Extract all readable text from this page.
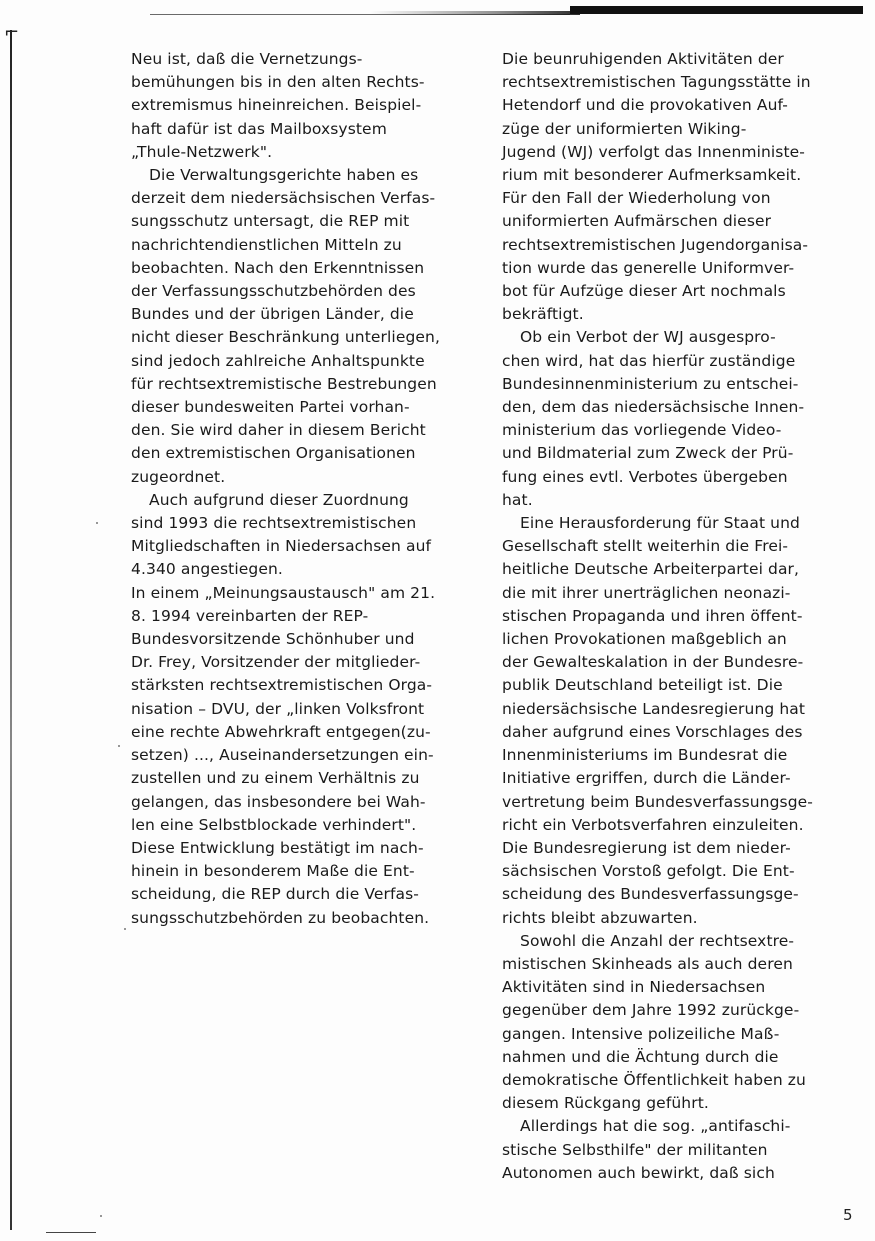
⌐
Neu ist, daß die Vernetzungs-
bemühungen bis in den alten Rechts-
extremismus hineinreichen. Beispiel-
haft dafür ist das Mailboxsystem
„Thule-Netzwerk".
Die Verwaltungsgerichte haben es
derzeit dem niedersächsischen Verfas-
sungsschutz untersagt, die REP mit
nachrichtendienstlichen Mitteln zu
beobachten. Nach den Erkenntnissen
der Verfassungsschutzbehörden des
Bundes und der übrigen Länder, die
nicht dieser Beschränkung unterliegen,
sind jedoch zahlreiche Anhaltspunkte
für rechtsextremistische Bestrebungen
dieser bundesweiten Partei vorhan-
den. Sie wird daher in diesem Bericht
den extremistischen Organisationen
zugeordnet.
Auch aufgrund dieser Zuordnung
sind 1993 die rechtsextremistischen
Mitgliedschaften in Niedersachsen auf
4.340 angestiegen.
In einem „Meinungsaustausch" am 21.
8. 1994 vereinbarten der REP-
Bundesvorsitzende Schönhuber und
Dr. Frey, Vorsitzender der mitglieder-
stärksten rechtsextremistischen Orga-
nisation – DVU, der „linken Volksfront
eine rechte Abwehrkraft entgegen(zu-
setzen) ..., Auseinandersetzungen ein-
zustellen und zu einem Verhältnis zu
gelangen, das insbesondere bei Wah-
len eine Selbstblockade verhindert".
Diese Entwicklung bestätigt im nach-
hinein in besonderem Maße die Ent-
scheidung, die REP durch die Verfas-
sungsschutzbehörden zu beobachten.
Die beunruhigenden Aktivitäten der
rechtsextremistischen Tagungsstätte in
Hetendorf und die provokativen Auf-
züge der uniformierten Wiking-
Jugend (WJ) verfolgt das Innenministe-
rium mit besonderer Aufmerksamkeit.
Für den Fall der Wiederholung von
uniformierten Aufmärschen dieser
rechtsextremistischen Jugendorganisa-
tion wurde das generelle Uniformver-
bot für Aufzüge dieser Art nochmals
bekräftigt.
Ob ein Verbot der WJ ausgespro-
chen wird, hat das hierfür zuständige
Bundesinnenministerium zu entschei-
den, dem das niedersächsische Innen-
ministerium das vorliegende Video-
und Bildmaterial zum Zweck der Prü-
fung eines evtl. Verbotes übergeben
hat.
Eine Herausforderung für Staat und
Gesellschaft stellt weiterhin die Frei-
heitliche Deutsche Arbeiterpartei dar,
die mit ihrer unerträglichen neonazi-
stischen Propaganda und ihren öffent-
lichen Provokationen maßgeblich an
der Gewalteskalation in der Bundesre-
publik Deutschland beteiligt ist. Die
niedersächsische Landesregierung hat
daher aufgrund eines Vorschlages des
Innenministeriums im Bundesrat die
Initiative ergriffen, durch die Länder-
vertretung beim Bundesverfassungsge-
richt ein Verbotsverfahren einzuleiten.
Die Bundesregierung ist dem nieder-
sächsischen Vorstoß gefolgt. Die Ent-
scheidung des Bundesverfassungsge-
richts bleibt abzuwarten.
Sowohl die Anzahl der rechtsextre-
mistischen Skinheads als auch deren
Aktivitäten sind in Niedersachsen
gegenüber dem Jahre 1992 zurückge-
gangen. Intensive polizeiliche Maß-
nahmen und die Ächtung durch die
demokratische Öffentlichkeit haben zu
diesem Rückgang geführt.
Allerdings hat die sog. „antifaschi-
stische Selbsthilfe" der militanten
Autonomen auch bewirkt, daß sich
5
